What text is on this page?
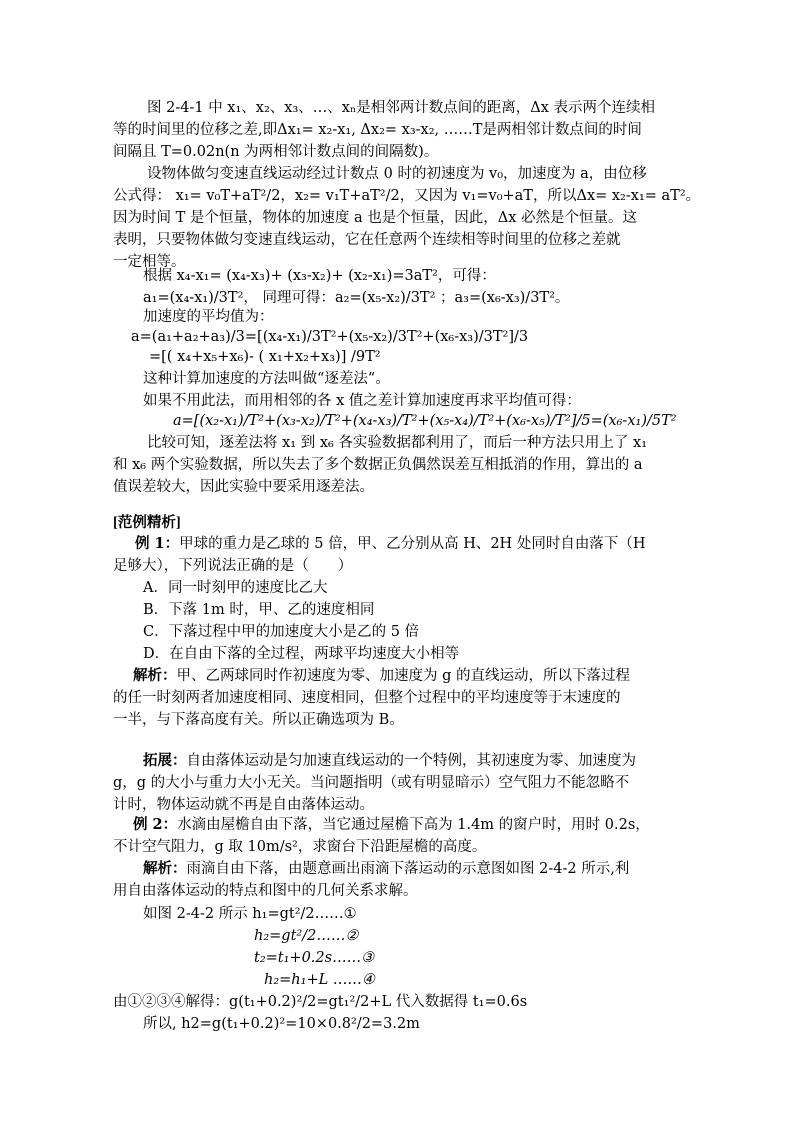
图 2-4-1 中 x₁、x₂、x₃、…、xₙ是相邻两计数点间的距离，Δx 表示两个连续相
等的时间里的位移之差,即Δx₁= x₂-x₁, Δx₂= x₃-x₂, ……T是两相邻计数点间的时间
间隔且 T=0.02n(n 为两相邻计数点间的间隔数)。
设物体做匀变速直线运动经过计数点 0 时的初速度为 v₀，加速度为 a，由位移
公式得： x₁= v₀T+aT²/2，x₂= v₁T+aT²/2，又因为 v₁=v₀+aT，所以Δx= x₂-x₁= aT²。
因为时间 T 是个恒量，物体的加速度 a 也是个恒量，因此，Δx 必然是个恒量。这
表明，只要物体做匀变速直线运动，它在任意两个连续相等时间里的位移之差就
一定相等。
根据 x₄-x₁= (x₄-x₃)+ (x₃-x₂)+ (x₂-x₁)=3aT²，可得：
a₁=(x₄-x₁)/3T²， 同理可得：a₂=(x₅-x₂)/3T² ；a₃=(x₆-x₃)/3T²。
加速度的平均值为：
a=(a₁+a₂+a₃)/3=[(x₄-x₁)/3T²+(x₅-x₂)/3T²+(x₆-x₃)/3T²]/3
=[( x₄+x₅+x₆)- ( x₁+x₂+x₃)] /9T²
这种计算加速度的方法叫做“逐差法”。
如果不用此法，而用相邻的各 x 值之差计算加速度再求平均值可得：
a=[(x₂-x₁)/T²+(x₃-x₂)/T²+(x₄-x₃)/T²+(x₅-x₄)/T²+(x₆-x₅)/T²]/5=(x₆-x₁)/5T²
比较可知，逐差法将 x₁ 到 x₆ 各实验数据都利用了，而后一种方法只用上了 x₁
和 x₆ 两个实验数据，所以失去了多个数据正负偶然误差互相抵消的作用，算出的 a
值误差较大，因此实验中要采用逐差法。
[范例精析]
例 1：甲球的重力是乙球的 5 倍，甲、乙分别从高 H、2H 处同时自由落下（H
足够大），下列说法正确的是（　　）
A．同一时刻甲的速度比乙大
B．下落 1m 时，甲、乙的速度相同
C．下落过程中甲的加速度大小是乙的 5 倍
D．在自由下落的全过程，两球平均速度大小相等
解析：甲、乙两球同时作初速度为零、加速度为 g 的直线运动，所以下落过程
的任一时刻两者加速度相同、速度相同，但整个过程中的平均速度等于末速度的
一半，与下落高度有关。所以正确选项为 B。
拓展：自由落体运动是匀加速直线运动的一个特例，其初速度为零、加速度为
g，g 的大小与重力大小无关。当问题指明（或有明显暗示）空气阻力不能忽略不
计时，物体运动就不再是自由落体运动。
例 2：水滴由屋檐自由下落，当它通过屋檐下高为 1.4m 的窗户时，用时 0.2s，
不计空气阻力，g 取 10m/s²，求窗台下沿距屋檐的高度。
解析：雨滴自由下落，由题意画出雨滴下落运动的示意图如图 2-4-2 所示,利
用自由落体运动的特点和图中的几何关系求解。
如图 2-4-2 所示 h₁=gt²/2……①
h₂=gt²/2……②
t₂=t₁+0.2s……③
h₂=h₁+L ……④
由①②③④解得：g(t₁+0.2)²/2=gt₁²/2+L 代入数据得 t₁=0.6s
所以, h2=g(t₁+0.2)²=10×0.8²/2=3.2m
